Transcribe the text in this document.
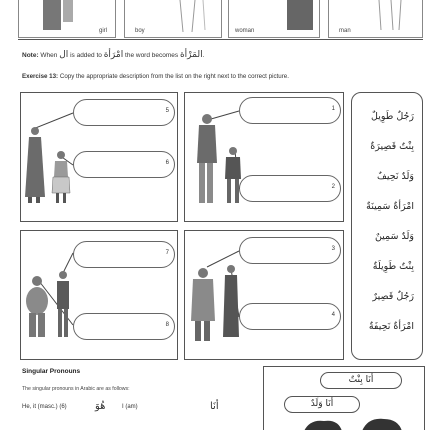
girl	boy	woman	man
Note: When ال is added to امْرَأة the word becomes المَرْأة.
Exercise 13: Copy the appropriate description from the list on the right next to the correct picture.
5
6
1
2
7
8
3
4
رَجُلٌ طَوِيلٌ
بِنْتٌ قَصِيرَةٌ
وَلَدٌ نَحِيفٌ
امْرَأةٌ سَمِينَةٌ
وَلَدٌ سَمِينٌ
بِنْتٌ طَوِيلَةٌ
رَجُلٌ قَصِيرٌ
امْرَأةٌ نَحِيفَةٌ
Singular Pronouns
The singular pronouns in Arabic are as follows:
He, it (masc.) (6)	هُوَ	I (am)	أنَا
أنَا بِنْتٌ
أنَا وَلَدٌ
